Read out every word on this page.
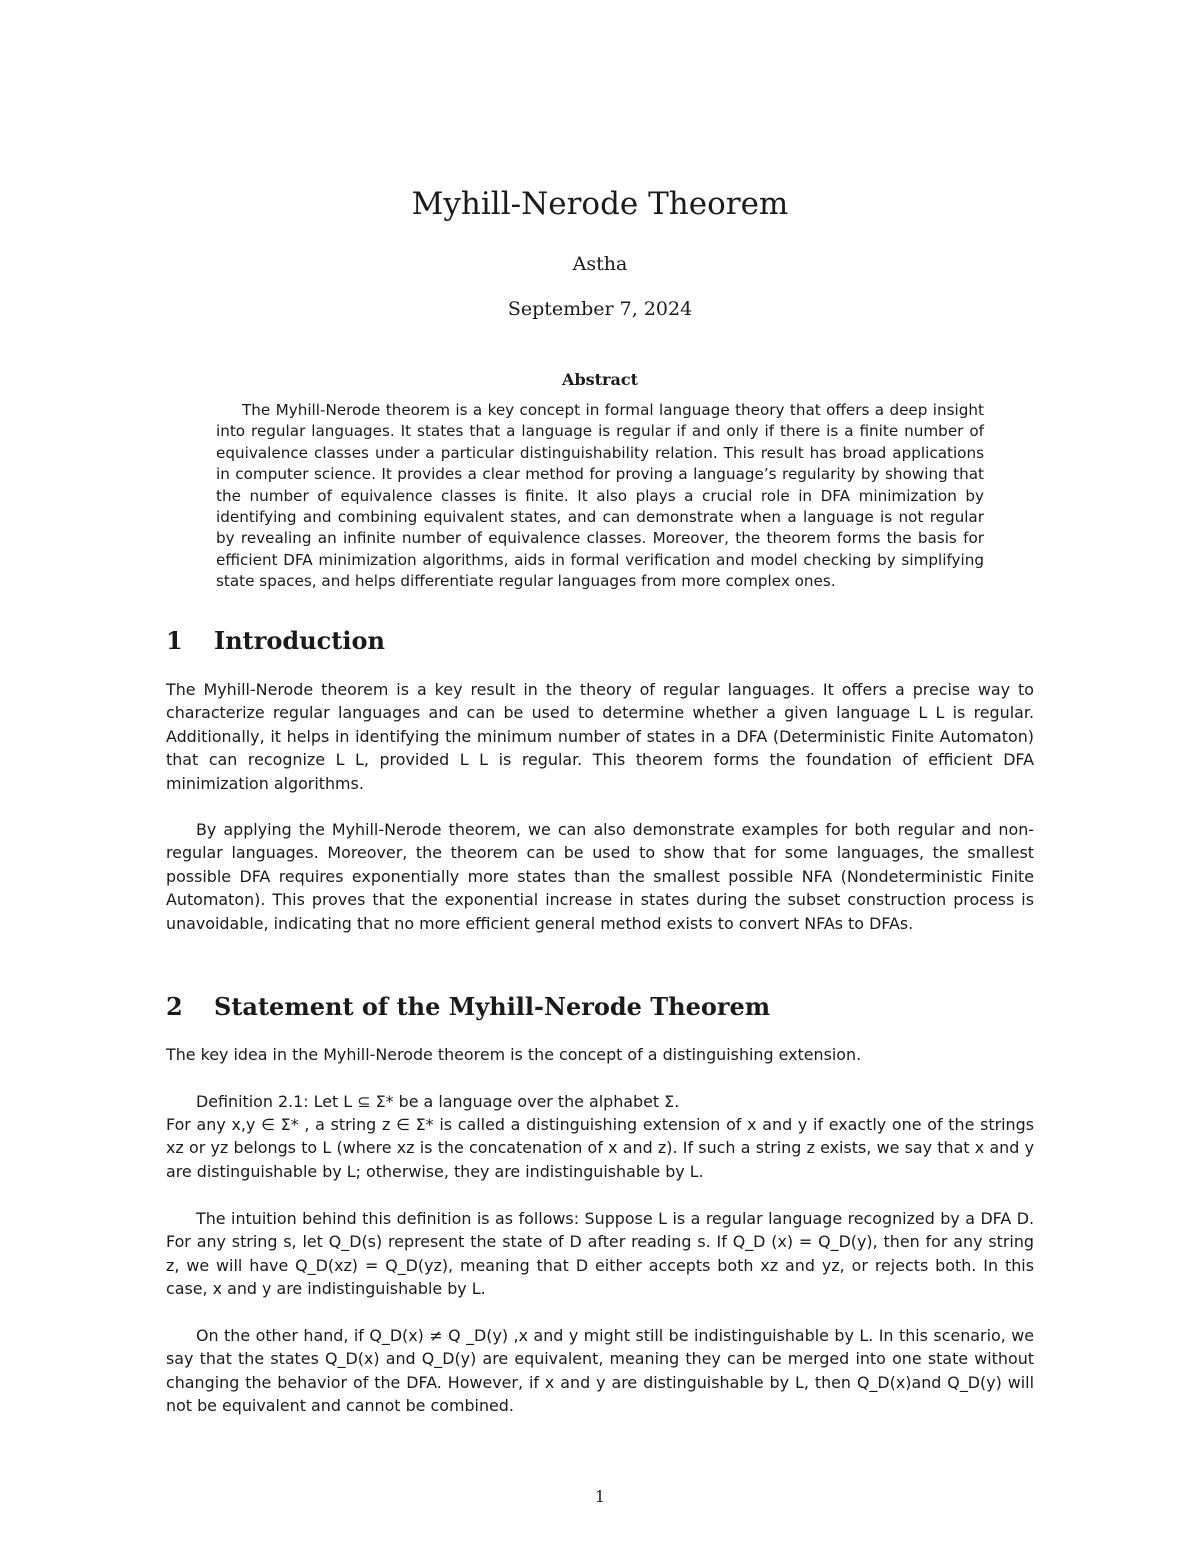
Myhill-Nerode Theorem
Astha
September 7, 2024
Abstract

The Myhill-Nerode theorem is a key concept in formal language theory that offers a deep insight into regular languages. It states that a language is regular if and only if there is a finite number of equivalence classes under a particular distinguishability relation. This result has broad applications in computer science. It provides a clear method for proving a language’s regularity by showing that the number of equivalence classes is finite. It also plays a crucial role in DFA minimization by identifying and combining equivalent states, and can demonstrate when a language is not regular by revealing an infinite number of equivalence classes. Moreover, the theorem forms the basis for efficient DFA minimization algorithms, aids in formal verification and model checking by simplifying state spaces, and helps differentiate regular languages from more complex ones.

1 Introduction

The Myhill-Nerode theorem is a key result in the theory of regular languages. It offers a precise way to characterize regular languages and can be used to determine whether a given language L L is regular. Additionally, it helps in identifying the minimum number of states in a DFA (Deterministic Finite Automaton) that can recognize L L, provided L L is regular. This theorem forms the foundation of efficient DFA minimization algorithms.

By applying the Myhill-Nerode theorem, we can also demonstrate examples for both regular and non-regular languages. Moreover, the theorem can be used to show that for some languages, the smallest possible DFA requires exponentially more states than the smallest possible NFA (Nondeterministic Finite Automaton). This proves that the exponential increase in states during the subset construction process is unavoidable, indicating that no more efficient general method exists to convert NFAs to DFAs.

2 Statement of the Myhill-Nerode Theorem

The key idea in the Myhill-Nerode theorem is the concept of a distinguishing extension.

Definition 2.1: Let L ⊆ Σ* be a language over the alphabet Σ.

For any x,y ∈ Σ* , a string z ∈ Σ* is called a distinguishing extension of x and y if exactly one of the strings xz or yz belongs to L (where xz is the concatenation of x and z). If such a string z exists, we say that x and y are distinguishable by L; otherwise, they are indistinguishable by L.

The intuition behind this definition is as follows: Suppose L is a regular language recognized by a DFA D. For any string s, let Q_D(s) represent the state of D after reading s. If Q_D (x) = Q_D(y), then for any string z, we will have Q_D(xz) = Q_D(yz), meaning that D either accepts both xz and yz, or rejects both. In this case, x and y are indistinguishable by L.

On the other hand, if Q_D(x) ≠ Q _D(y) ,x and y might still be indistinguishable by L. In this scenario, we say that the states Q_D(x) and Q_D(y) are equivalent, meaning they can be merged into one state without changing the behavior of the DFA. However, if x and y are distinguishable by L, then Q_D(x)and Q_D(y) will not be equivalent and cannot be combined.

1
